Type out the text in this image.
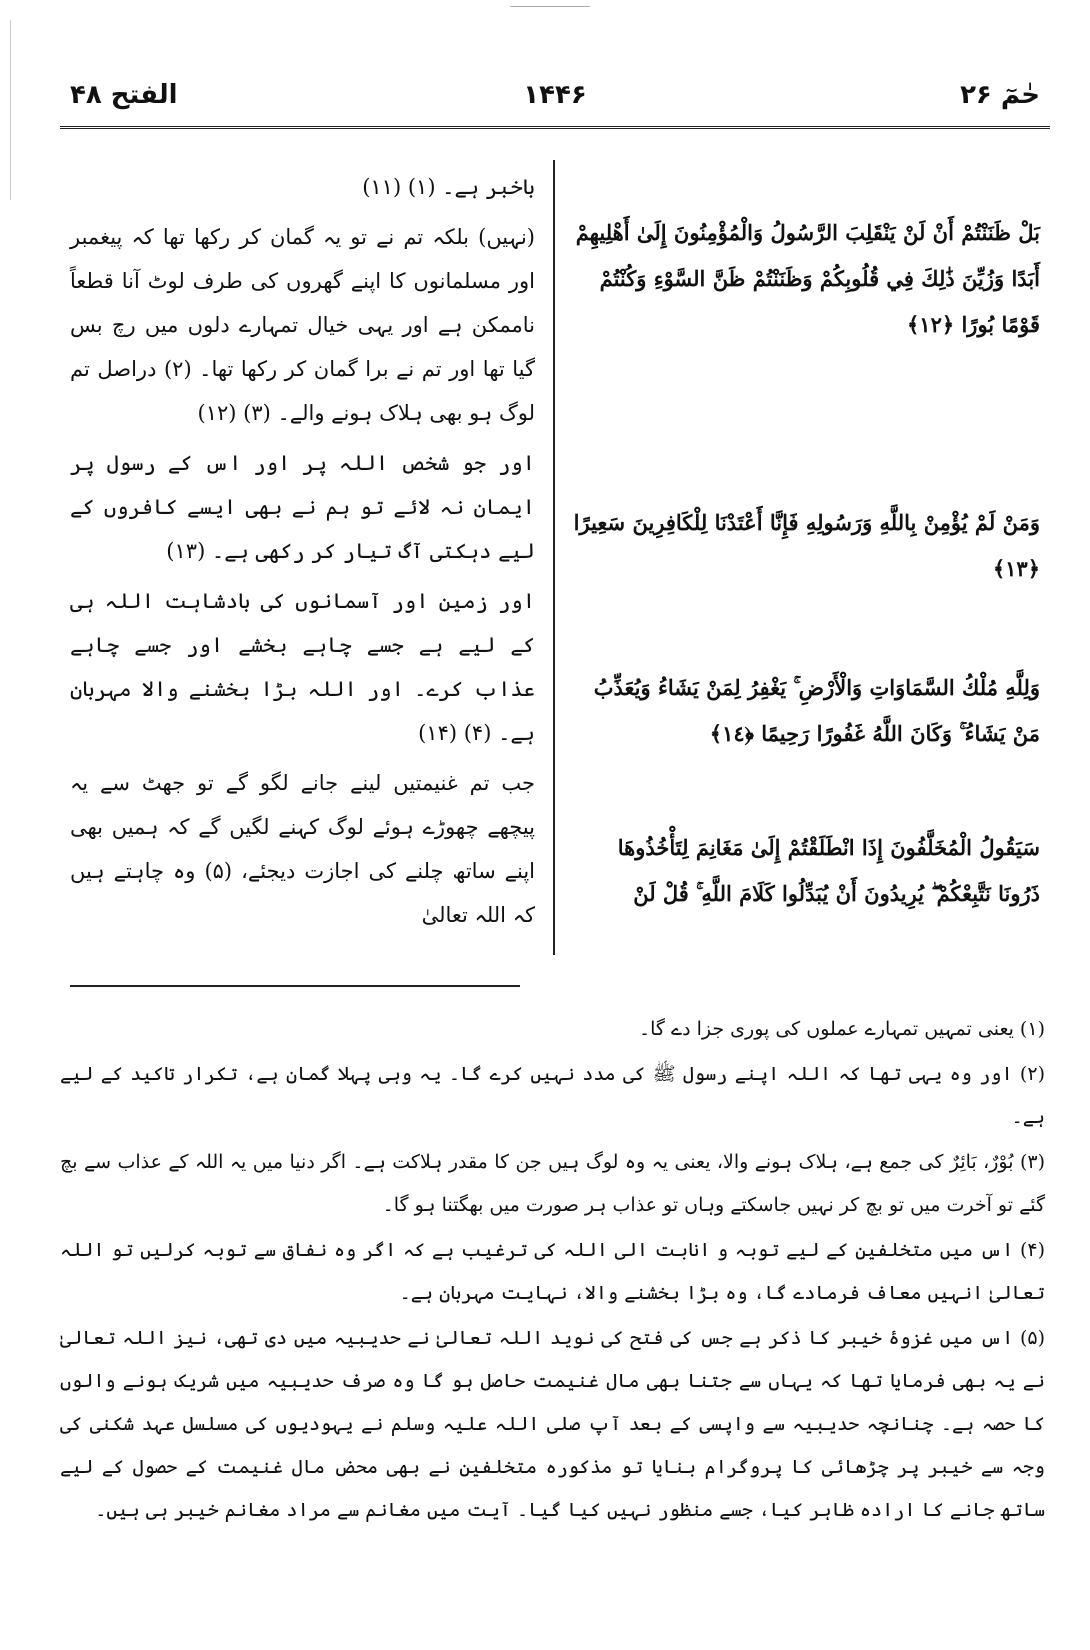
الفتح ۴۸	۱۴۴۶	حٰمٓ ۲۶
بَلْ ظَنَنْتُمْ أَنْ لَنْ يَنْقَلِبَ الرَّسُولُ وَالْمُؤْمِنُونَ إِلَىٰ أَهْلِيهِمْ أَبَدًا وَزُيِّنَ ذَٰلِكَ فِي قُلُوبِكُمْ وَظَنَنْتُمْ ظَنَّ السَّوْءِ وَكُنْتُمْ قَوْمًا بُورًا ﴿١٢﴾
وَمَنْ لَمْ يُؤْمِنْ بِاللَّهِ وَرَسُولِهِ فَإِنَّا أَعْتَدْنَا لِلْكَافِرِينَ سَعِيرًا ﴿١٣﴾
وَلِلَّهِ مُلْكُ السَّمَاوَاتِ وَالْأَرْضِ ۚ يَغْفِرُ لِمَنْ يَشَاءُ وَيُعَذِّبُ مَنْ يَشَاءُ ۚ وَكَانَ اللَّهُ غَفُورًا رَحِيمًا ﴿١٤﴾
سَيَقُولُ الْمُخَلَّفُونَ إِذَا انْطَلَقْتُمْ إِلَىٰ مَغَانِمَ لِتَأْخُذُوهَا ذَرُونَا نَتَّبِعْكُمْ ۖ يُرِيدُونَ أَنْ يُبَدِّلُوا كَلَامَ اللَّهِ ۚ قُلْ لَنْ

باخبر ہے۔ (۱) (۱۱)

(نہیں) بلکہ تم نے تو یہ گمان کر رکھا تھا کہ پیغمبر اور مسلمانوں کا اپنے گھروں کی طرف لوٹ آنا قطعاً ناممکن ہے اور یہی خیال تمہارے دلوں میں رچ بس گیا تھا اور تم نے برا گمان کر رکھا تھا۔ (۲) دراصل تم لوگ ہو بھی ہلاک ہونے والے۔ (۳) (۱۲)

اور جو شخص اللہ پر اور اس کے رسول پر ایمان نہ لائے تو ہم نے بھی ایسے کافروں کے لیے دہکتی آگ تیار کر رکھی ہے۔ (۱۳)

اور زمین اور آسمانوں کی بادشاہت اللہ ہی کے لیے ہے جسے چاہے بخشے اور جسے چاہے عذاب کرے۔ اور اللہ بڑا بخشنے والا مہربان ہے۔ (۴) (۱۴)

جب تم غنیمتیں لینے جانے لگو گے تو جھٹ سے یہ پیچھے چھوڑے ہوئے لوگ کہنے لگیں گے کہ ہمیں بھی اپنے ساتھ چلنے کی اجازت دیجئے، (۵) وہ چاہتے ہیں کہ اللہ تعالیٰ

(۱) یعنی تمہیں تمہارے عملوں کی پوری جزا دے گا۔

(۲) اور وہ یہی تھا کہ اللہ اپنے رسول ﷺ کی مدد نہیں کرے گا۔ یہ وہی پہلا گمان ہے، تکرار تاکید کے لیے ہے۔

(۳) بُوْرٌ، بَائِرٌ کی جمع ہے، ہلاک ہونے والا، یعنی یہ وہ لوگ ہیں جن کا مقدر ہلاکت ہے۔ اگر دنیا میں یہ اللہ کے عذاب سے بچ گئے تو آخرت میں تو بچ کر نہیں جاسکتے وہاں تو عذاب ہر صورت میں بھگتنا ہو گا۔

(۴) اس میں متخلفین کے لیے توبہ و انابت الی اللہ کی ترغیب ہے کہ اگر وہ نفاق سے توبہ کرلیں تو اللہ تعالیٰ انہیں معاف فرمادے گا، وہ بڑا بخشنے والا، نہایت مہربان ہے۔

(۵) اس میں غزوۂ خیبر کا ذکر ہے جس کی فتح کی نوید اللہ تعالیٰ نے حدیبیہ میں دی تھی، نیز اللہ تعالیٰ نے یہ بھی فرمایا تھا کہ یہاں سے جتنا بھی مال غنیمت حاصل ہو گا وہ صرف حدیبیہ میں شریک ہونے والوں کا حصہ ہے۔ چنانچہ حدیبیہ سے واپسی کے بعد آپ صلی اللہ علیہ وسلم نے یہودیوں کی مسلسل عہد شکنی کی وجہ سے خیبر پر چڑھائی کا پروگرام بنایا تو مذکورہ متخلفین نے بھی محض مال غنیمت کے حصول کے لیے ساتھ جانے کا ارادہ ظاہر کیا، جسے منظور نہیں کیا گیا۔ آیت میں مغانم سے مراد مغانم خیبر ہی ہیں۔
